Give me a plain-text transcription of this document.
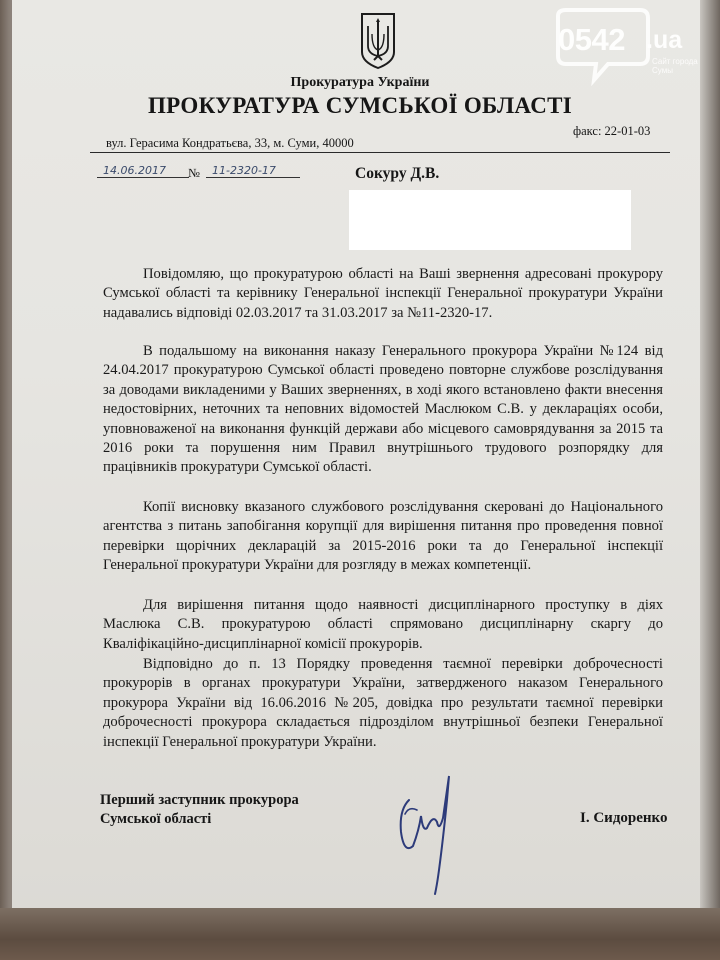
Прокуратура України
ПРОКУРАТУРА СУМСЬКОЇ ОБЛАСТІ
вул. Герасима Кондратьєва, 33, м. Суми, 40000
факс: 22-01-03
14.06.2017	№	11-2320-17	Сокуру Д.В.

Повідомляю, що прокуратурою області на Ваші звернення адресовані прокурору Сумської області та керівнику Генеральної інспекції Генеральної прокуратури України надавались відповіді 02.03.2017 та 31.03.2017 за №11-2320-17.

В подальшому на виконання наказу Генерального прокурора України №124 від 24.04.2017 прокуратурою Сумської області проведено повторне службове розслідування за доводами викладеними у Ваших зверненнях, в ході якого встановлено факти внесення недостовірних, неточних та неповних відомостей Маслюком С.В. у деклараціях особи, уповноваженої на виконання функцій держави або місцевого самоврядування за 2015 та 2016 роки та порушення ним Правил внутрішнього трудового розпорядку для працівників прокуратури Сумської області.

Копії висновку вказаного службового розслідування скеровані до Національного агентства з питань запобігання корупції для вирішення питання про проведення повної перевірки щорічних декларацій за 2015-2016 роки та до Генеральної інспекції Генеральної прокуратури України для розгляду в межах компетенції.

Для вирішення питання щодо наявності дисциплінарного проступку в діях Маслюка С.В. прокуратурою області спрямовано дисциплінарну скаргу до Кваліфікаційно-дисциплінарної комісії прокурорів.

Відповідно до п. 13 Порядку проведення таємної перевірки доброчесності прокурорів в органах прокуратури України, затвердженого наказом Генерального прокурора України від 16.06.2016 №205, довідка про результати таємної перевірки доброчесності прокурора складається підрозділом внутрішньої безпеки Генеральної інспекції Генеральної прокуратури України.

Перший заступник прокурора
Сумської області	І. Сидоренко
0542 .ua
Сайт города
Сумы
